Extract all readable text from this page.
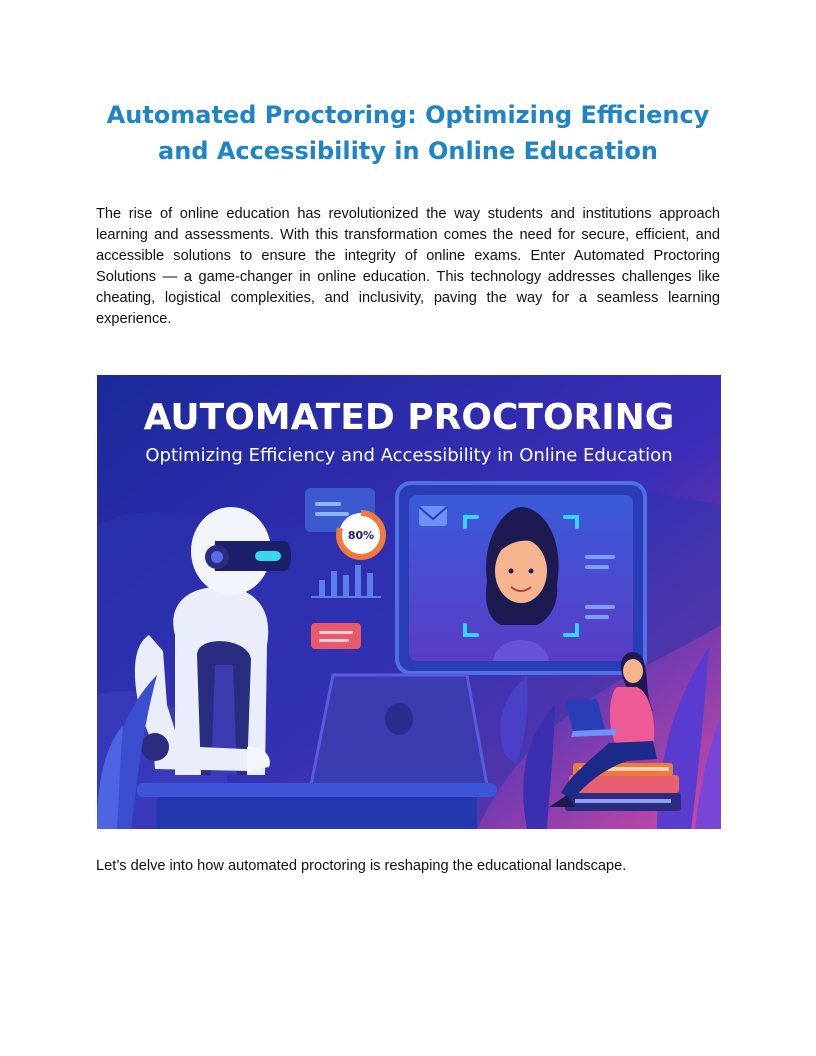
Automated Proctoring: Optimizing Efficiency and Accessibility in Online Education

The rise of online education has revolutionized the way students and institutions approach learning and assessments. With this transformation comes the need for secure, efficient, and accessible solutions to ensure the integrity of online exams. Enter Automated Proctoring Solutions — a game-changer in online education. This technology addresses challenges like cheating, logistical complexities, and inclusivity, paving the way for a seamless learning experience.

AUTOMATED PROCTORING
Optimizing Efficiency and Accessibility in Online Education
80%

Let’s delve into how automated proctoring is reshaping the educational landscape.
